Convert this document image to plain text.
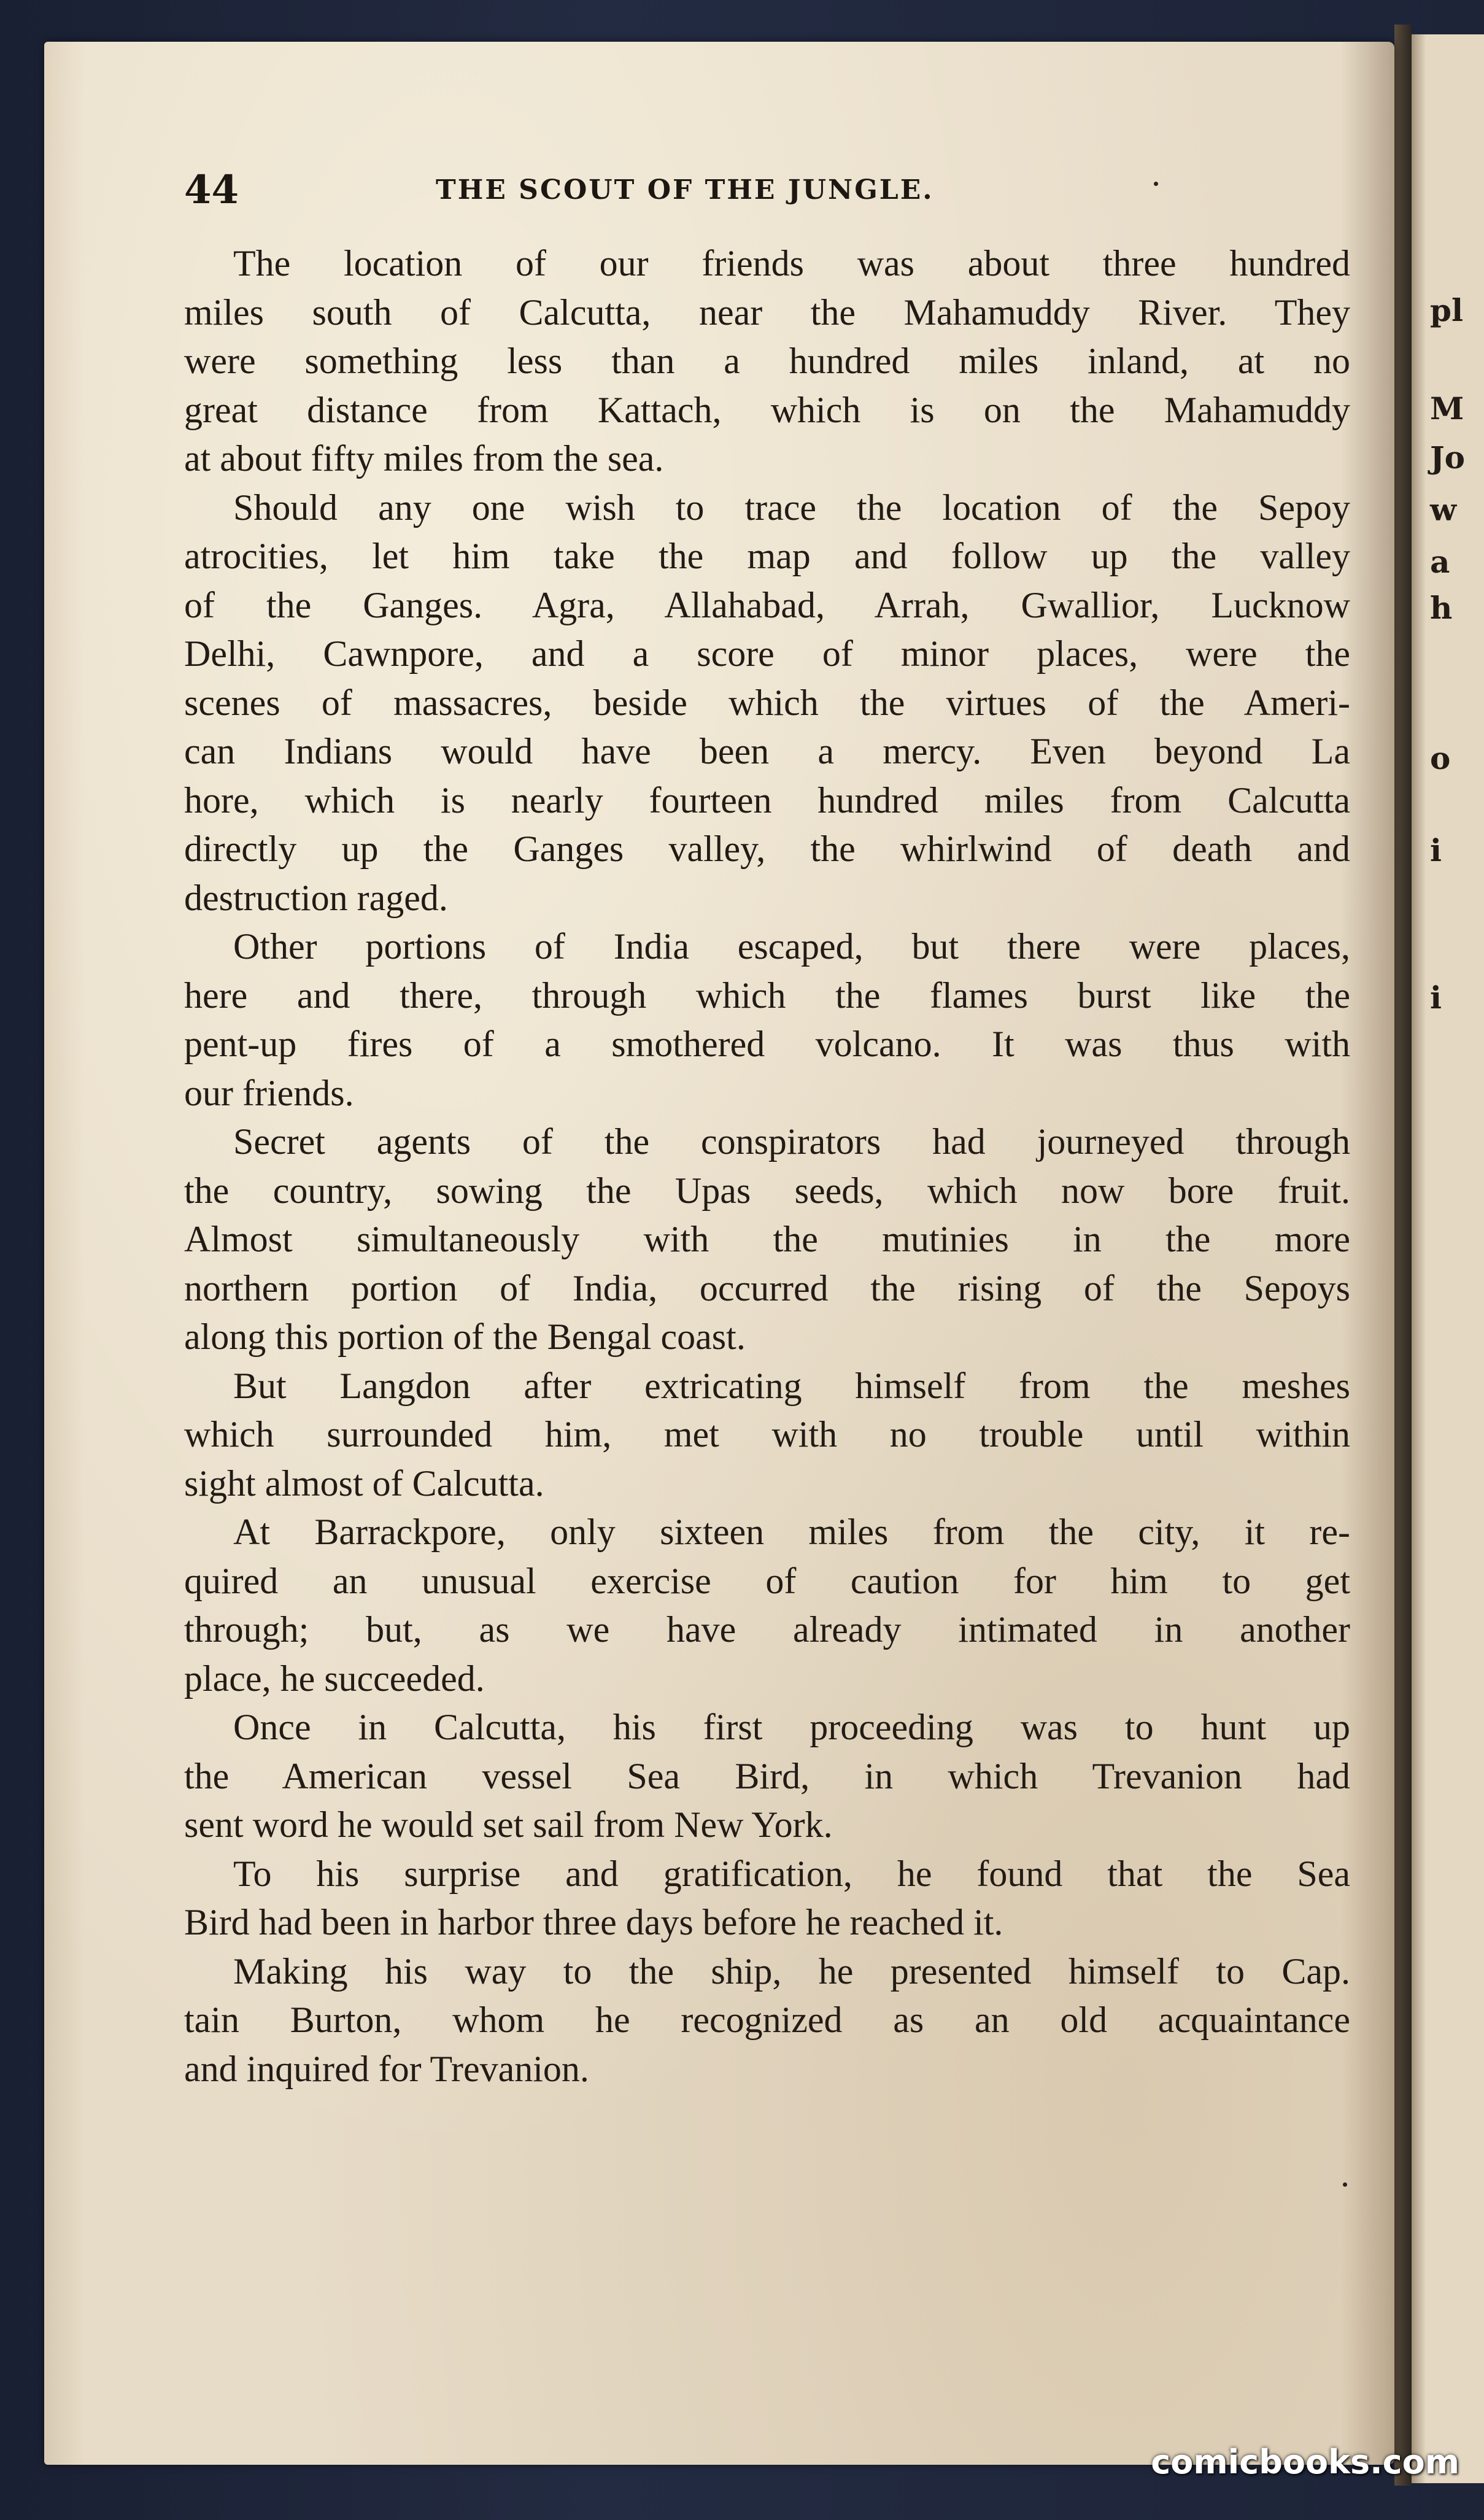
pl
M
Jo
w
a
h
o
i
i
44	THE SCOUT OF THE JUNGLE.
The location of our friends was about three hundred
miles south of Calcutta, near the Mahamuddy River. They
were something less than a hundred miles inland, at no
great distance from Kattach, which is on the Mahamuddy
at about fifty miles from the sea.
Should any one wish to trace the location of the Sepoy
atrocities, let him take the map and follow up the valley
of the Ganges. Agra, Allahabad, Arrah, Gwallior, Lucknow
Delhi, Cawnpore, and a score of minor places, were the
scenes of massacres, beside which the virtues of the Ameri-
can Indians would have been a mercy. Even beyond La
hore, which is nearly fourteen hundred miles from Calcutta
directly up the Ganges valley, the whirlwind of death and
destruction raged.
Other portions of India escaped, but there were places,
here and there, through which the flames burst like the
pent-up fires of a smothered volcano. It was thus with
our friends.
Secret agents of the conspirators had journeyed through
the country, sowing the Upas seeds, which now bore fruit.
Almost simultaneously with the mutinies in the more
northern portion of India, occurred the rising of the Sepoys
along this portion of the Bengal coast.
But Langdon after extricating himself from the meshes
which surrounded him, met with no trouble until within
sight almost of Calcutta.
At Barrackpore, only sixteen miles from the city, it re-
quired an unusual exercise of caution for him to get
through; but, as we have already intimated in another
place, he succeeded.
Once in Calcutta, his first proceeding was to hunt up
the American vessel Sea Bird, in which Trevanion had
sent word he would set sail from New York.
To his surprise and gratification, he found that the Sea
Bird had been in harbor three days before he reached it.
Making his way to the ship, he presented himself to Cap.
tain Burton, whom he recognized as an old acquaintance
and inquired for Trevanion.
comicbooks.com
